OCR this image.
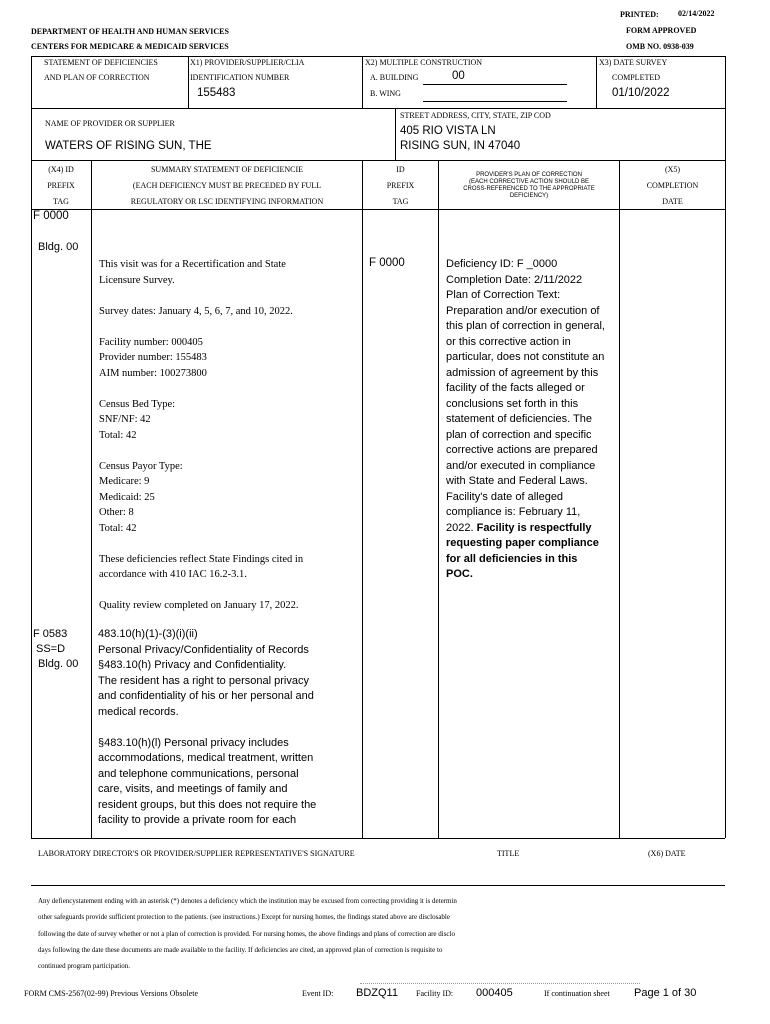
PRINTED: 02/14/2022
DEPARTMENT OF HEALTH AND HUMAN SERVICES
CENTERS FOR MEDICARE & MEDICAID SERVICES
FORM APPROVED
OMB NO. 0938-039
STATEMENT OF DEFICIENCIES
AND PLAN OF CORRECTION
X1) PROVIDER/SUPPLIER/CLIA
IDENTIFICATION NUMBER
155483
X2) MULTIPLE CONSTRUCTION
A. BUILDING	00
B. WING
X3) DATE SURVEY
COMPLETED
01/10/2022
NAME OF PROVIDER OR SUPPLIER
WATERS OF RISING SUN, THE
STREET ADDRESS, CITY, STATE, ZIP COD
405 RIO VISTA LN
RISING SUN, IN 47040
(X4) ID
PREFIX
TAG
SUMMARY STATEMENT OF DEFICIENCIE
(EACH DEFICIENCY MUST BE PRECEDED BY FULL
REGULATORY OR LSC IDENTIFYING INFORMATION
ID
PREFIX
TAG
PROVIDER'S PLAN OF CORRECTION
(EACH CORRECTIVE ACTION SHOULD BE
CROSS-REFERENCED TO THE APPROPRIATE
DEFICIENCY)
(X5)
COMPLETION
DATE
F 0000
Bldg. 00
This visit was for a Recertification and State
Licensure Survey.

Survey dates: January 4, 5, 6, 7, and 10, 2022.

Facility number: 000405
Provider number: 155483
AIM number: 100273800

Census Bed Type:
SNF/NF: 42
Total: 42

Census Payor Type:
Medicare: 9
Medicaid: 25
Other: 8
Total: 42

These deficiencies reflect State Findings cited in
accordance with 410 IAC 16.2-3.1.

Quality review completed on January 17, 2022.
F 0000	Deficiency ID: F _0000
Completion Date: 2/11/2022
Plan of Correction Text:
Preparation and/or execution of
this plan of correction in general,
or this corrective action in
particular, does not constitute an
admission of agreement by this
facility of the facts alleged or
conclusions set forth in this
statement of deficiencies. The
plan of correction and specific
corrective actions are prepared
and/or executed in compliance
with State and Federal Laws.
Facility's date of alleged
compliance is: February 11,
2022. Facility is respectfully
requesting paper compliance
for all deficiencies in this
POC.
F 0583
SS=D
Bldg. 00
483.10(h)(1)-(3)(i)(ii)
Personal Privacy/Confidentiality of Records
§483.10(h) Privacy and Confidentiality.
The resident has a right to personal privacy
and confidentiality of his or her personal and
medical records.

§483.10(h)(l) Personal privacy includes
accommodations, medical treatment, written
and telephone communications, personal
care, visits, and meetings of family and
resident groups, but this does not require the
facility to provide a private room for each
LABORATORY DIRECTOR'S OR PROVIDER/SUPPLIER REPRESENTATIVE'S SIGNATURE	TITLE	(X6) DATE
Any defiencystatement ending with an asterisk (*) denotes a deficiency which the institution may be excused from correcting providing it is determin
other safeguards provide sufficient protection to the patients. (see instructions.) Except for nursing homes, the findings stated above are disclosable
following the date of survey whether or not a plan of correction is provided. For nursing homes, the above findings and plans of correction are disclo
days following the date these documents are made available to the facility. If deficiencies are cited, an approved plan of correction is requisite to
continued program participation.
FORM CMS-2567(02-99) Previous Versions Obsolete	Event ID: BDZQ11 Facility ID: 000405	If continuation sheet Page 1 of 30
